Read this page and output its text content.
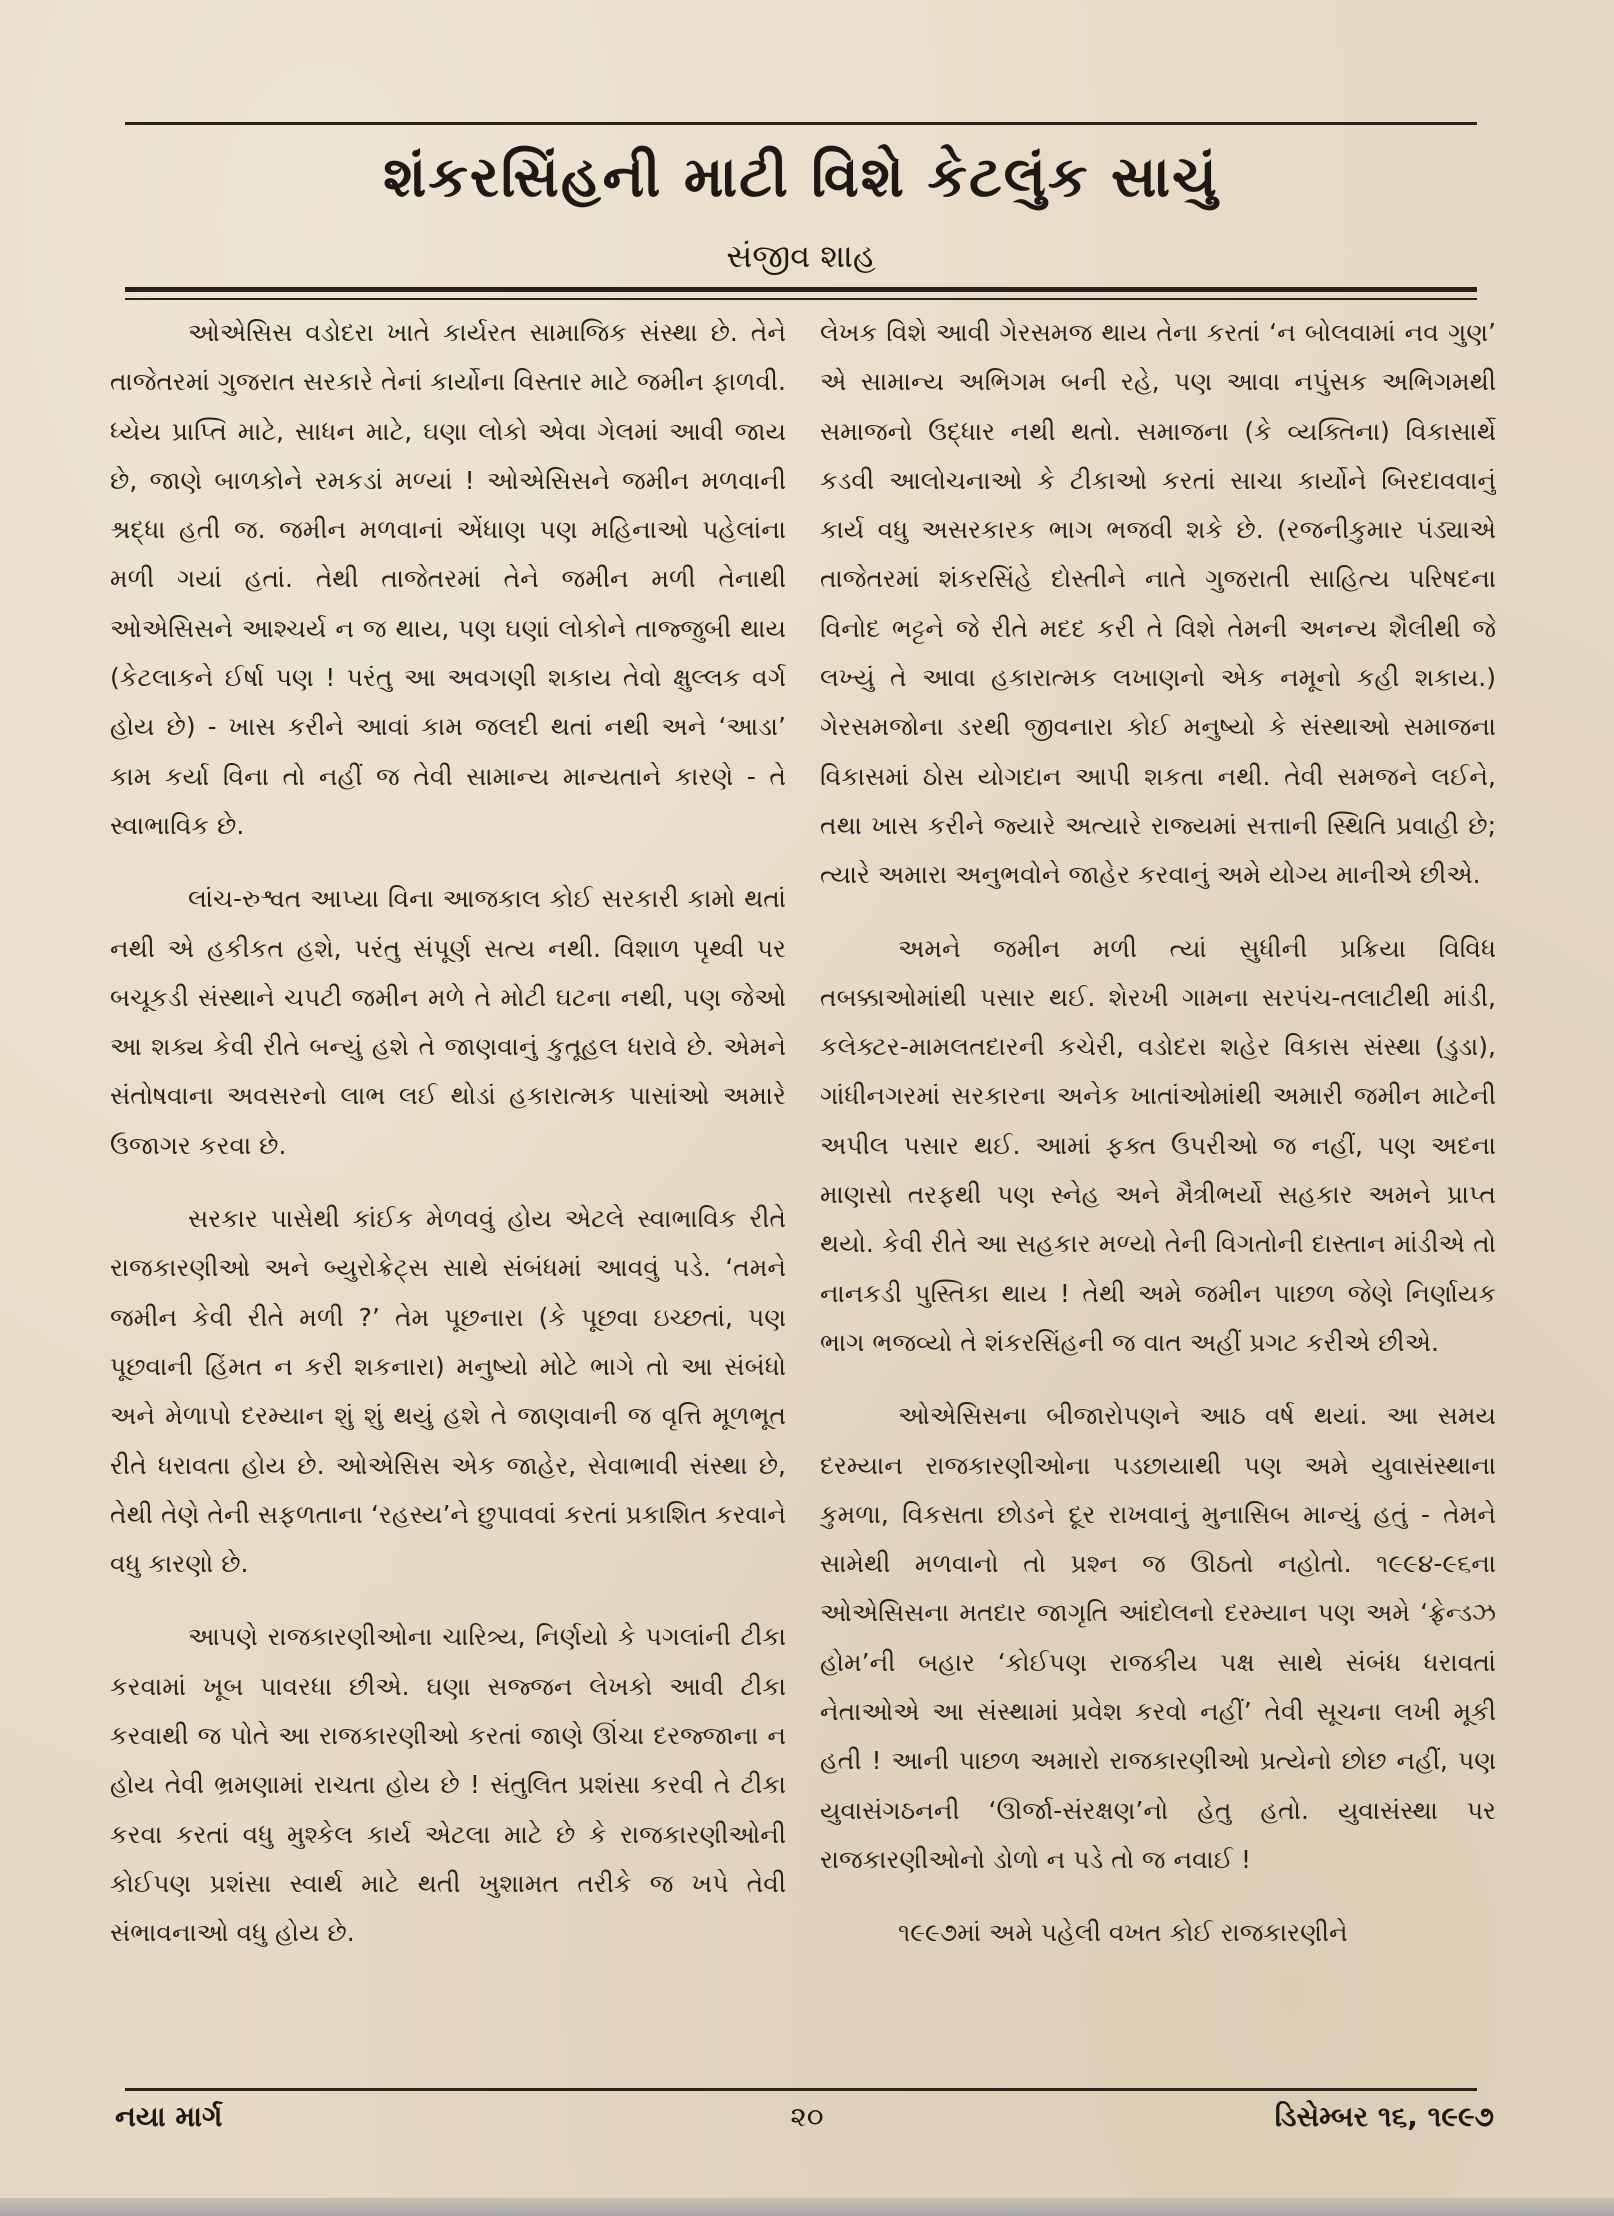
શંકરસિંહની માટી વિશે કેટલુંક સાચું
સંજીવ શાહ

ઓએસિસ વડોદરા ખાતે કાર્યરત સામાજિક સંસ્થા છે. તેને તાજેતરમાં ગુજરાત સરકારે તેનાં કાર્યોના વિસ્તાર માટે જમીન ફાળવી. ધ્યેય પ્રાપ્તિ માટે, સાધન માટે, ઘણા લોકો એવા ગેલમાં આવી જાય છે, જાણે બાળકોને રમકડાં મળ્યાં ! ઓએસિસને જમીન મળવાની શ્રદ્ધા હતી જ. જમીન મળવાનાં એંધાણ પણ મહિનાઓ પહેલાંના મળી ગયાં હતાં. તેથી તાજેતરમાં તેને જમીન મળી તેનાથી ઓએસિસને આશ્ચર્ય ન જ થાય, પણ ઘણાં લોકોને તાજ્જુબી થાય (કેટલાકને ઈર્ષા પણ ! પરંતુ આ અવગણી શકાય તેવો ક્ષુલ્લક વર્ગ હોય છે) - ખાસ કરીને આવાં કામ જલદી થતાં નથી અને ‘આડા’ કામ કર્યા વિના તો નહીં જ તેવી સામાન્ય માન્યતાને કારણે - તે સ્વાભાવિક છે.

લાંચ-રુશ્વત આપ્યા વિના આજકાલ કોઈ સરકારી કામો થતાં નથી એ હકીકત હશે, પરંતુ સંપૂર્ણ સત્ય નથી. વિશાળ પૃથ્વી પર બચૂકડી સંસ્થાને ચપટી જમીન મળે તે મોટી ઘટના નથી, પણ જેઓ આ શક્ય કેવી રીતે બન્યું હશે તે જાણવાનું કુતૂહલ ધરાવે છે. એમને સંતોષવાના અવસરનો લાભ લઈ થોડાં હકારાત્મક પાસાંઓ અમારે ઉજાગર કરવા છે.

સરકાર પાસેથી કાંઈક મેળવવું હોય એટલે સ્વાભાવિક રીતે રાજકારણીઓ અને બ્યુરોક્રેટ્સ સાથે સંબંધમાં આવવું પડે. ‘તમને જમીન કેવી રીતે મળી ?’ તેમ પૂછનારા (કે પૂછવા ઇચ્છતાં, પણ પૂછવાની હિંમત ન કરી શકનારા) મનુષ્યો મોટે ભાગે તો આ સંબંધો અને મેળાપો દરમ્યાન શું શું થયું હશે તે જાણવાની જ વૃત્તિ મૂળભૂત રીતે ધરાવતા હોય છે. ઓએસિસ એક જાહેર, સેવાભાવી સંસ્થા છે, તેથી તેણે તેની સફળતાના ‘રહસ્ય’ને છુપાવવાં કરતાં પ્રકાશિત કરવાને વધુ કારણો છે.

આપણે રાજકારણીઓના ચારિત્ર્ય, નિર્ણયો કે પગલાંની ટીકા કરવામાં ખૂબ પાવરધા છીએ. ઘણા સજ્જન લેખકો આવી ટીકા કરવાથી જ પોતે આ રાજકારણીઓ કરતાં જાણે ઊંચા દરજ્જાના ન હોય તેવી ભ્રમણામાં રાચતા હોય છે ! સંતુલિત પ્રશંસા કરવી તે ટીકા કરવા કરતાં વધુ મુશ્કેલ કાર્ય એટલા માટે છે કે રાજકારણીઓની કોઈપણ પ્રશંસા સ્વાર્થ માટે થતી ખુશામત તરીકે જ ખપે તેવી સંભાવનાઓ વધુ હોય છે.

લેખક વિશે આવી ગેરસમજ થાય તેના કરતાં ‘ન બોલવામાં નવ ગુણ’ એ સામાન્ય અભિગમ બની રહે, પણ આવા નપુંસક અભિગમથી સમાજનો ઉદ્ધાર નથી થતો. સમાજના (કે વ્યક્તિના) વિકાસાર્થે કડવી આલોચનાઓ કે ટીકાઓ કરતાં સાચા કાર્યોને બિરદાવવાનું કાર્ય વધુ અસરકારક ભાગ ભજવી શકે છે. (રજનીકુમાર પંડ્યાએ તાજેતરમાં શંકરસિંહે દોસ્તીને નાતે ગુજરાતી સાહિત્ય પરિષદના વિનોદ ભટ્ટને જે રીતે મદદ કરી તે વિશે તેમની અનન્ય શૈલીથી જે લખ્યું તે આવા હકારાત્મક લખાણનો એક નમૂનો કહી શકાય.) ગેરસમજોના ડરથી જીવનારા કોઈ મનુષ્યો કે સંસ્થાઓ સમાજના વિકાસમાં ઠોસ યોગદાન આપી શકતા નથી. તેવી સમજને લઈને, તથા ખાસ કરીને જ્યારે અત્યારે રાજ્યમાં સત્તાની સ્થિતિ પ્રવાહી છે; ત્યારે અમારા અનુભવોને જાહેર કરવાનું અમે યોગ્ય માનીએ છીએ.

અમને જમીન મળી ત્યાં સુધીની પ્રક્રિયા વિવિધ તબક્કાઓમાંથી પસાર થઈ. શેરખી ગામના સરપંચ-તલાટીથી માંડી, કલેક્ટર-મામલતદારની કચેરી, વડોદરા શહેર વિકાસ સંસ્થા (ડુડા), ગાંધીનગરમાં સરકારના અનેક ખાતાંઓમાંથી અમારી જમીન માટેની અપીલ પસાર થઈ. આમાં ફક્ત ઉપરીઓ જ નહીં, પણ અદના માણસો તરફથી પણ સ્નેહ અને મૈત્રીભર્યો સહકાર અમને પ્રાપ્ત થયો. કેવી રીતે આ સહકાર મળ્યો તેની વિગતોની દાસ્તાન માંડીએ તો નાનકડી પુસ્તિકા થાય ! તેથી અમે જમીન પાછળ જેણે નિર્ણાયક ભાગ ભજવ્યો તે શંકરસિંહની જ વાત અહીં પ્રગટ કરીએ છીએ.

ઓએસિસના બીજારોપણને આઠ વર્ષ થયાં. આ સમય દરમ્યાન રાજકારણીઓના પડછાયાથી પણ અમે યુવાસંસ્થાના કુમળા, વિકસતા છોડને દૂર રાખવાનું મુનાસિબ માન્યું હતું - તેમને સામેથી મળવાનો તો પ્રશ્ન જ ઊઠતો નહોતો. ૧૯૯૪-૯૬ના ઓએસિસના મતદાર જાગૃતિ આંદોલનો દરમ્યાન પણ અમે ‘ફ્રેન્ડઝ હોમ’ની બહાર ‘કોઈપણ રાજકીય પક્ષ સાથે સંબંધ ધરાવતાં નેતાઓએ આ સંસ્થામાં પ્રવેશ કરવો નહીં’ તેવી સૂચના લખી મૂકી હતી ! આની પાછળ અમારો રાજકારણીઓ પ્રત્યેનો છોછ નહીં, પણ યુવાસંગઠનની ‘ઊર્જા-સંરક્ષણ’નો હેતુ હતો. યુવાસંસ્થા પર રાજકારણીઓનો ડોળો ન પડે તો જ નવાઈ !

૧૯૯૭માં અમે પહેલી વખત કોઈ રાજકારણીને

નયા માર્ગ	૨૦	ડિસેમ્બર ૧૬, ૧૯૯૭
